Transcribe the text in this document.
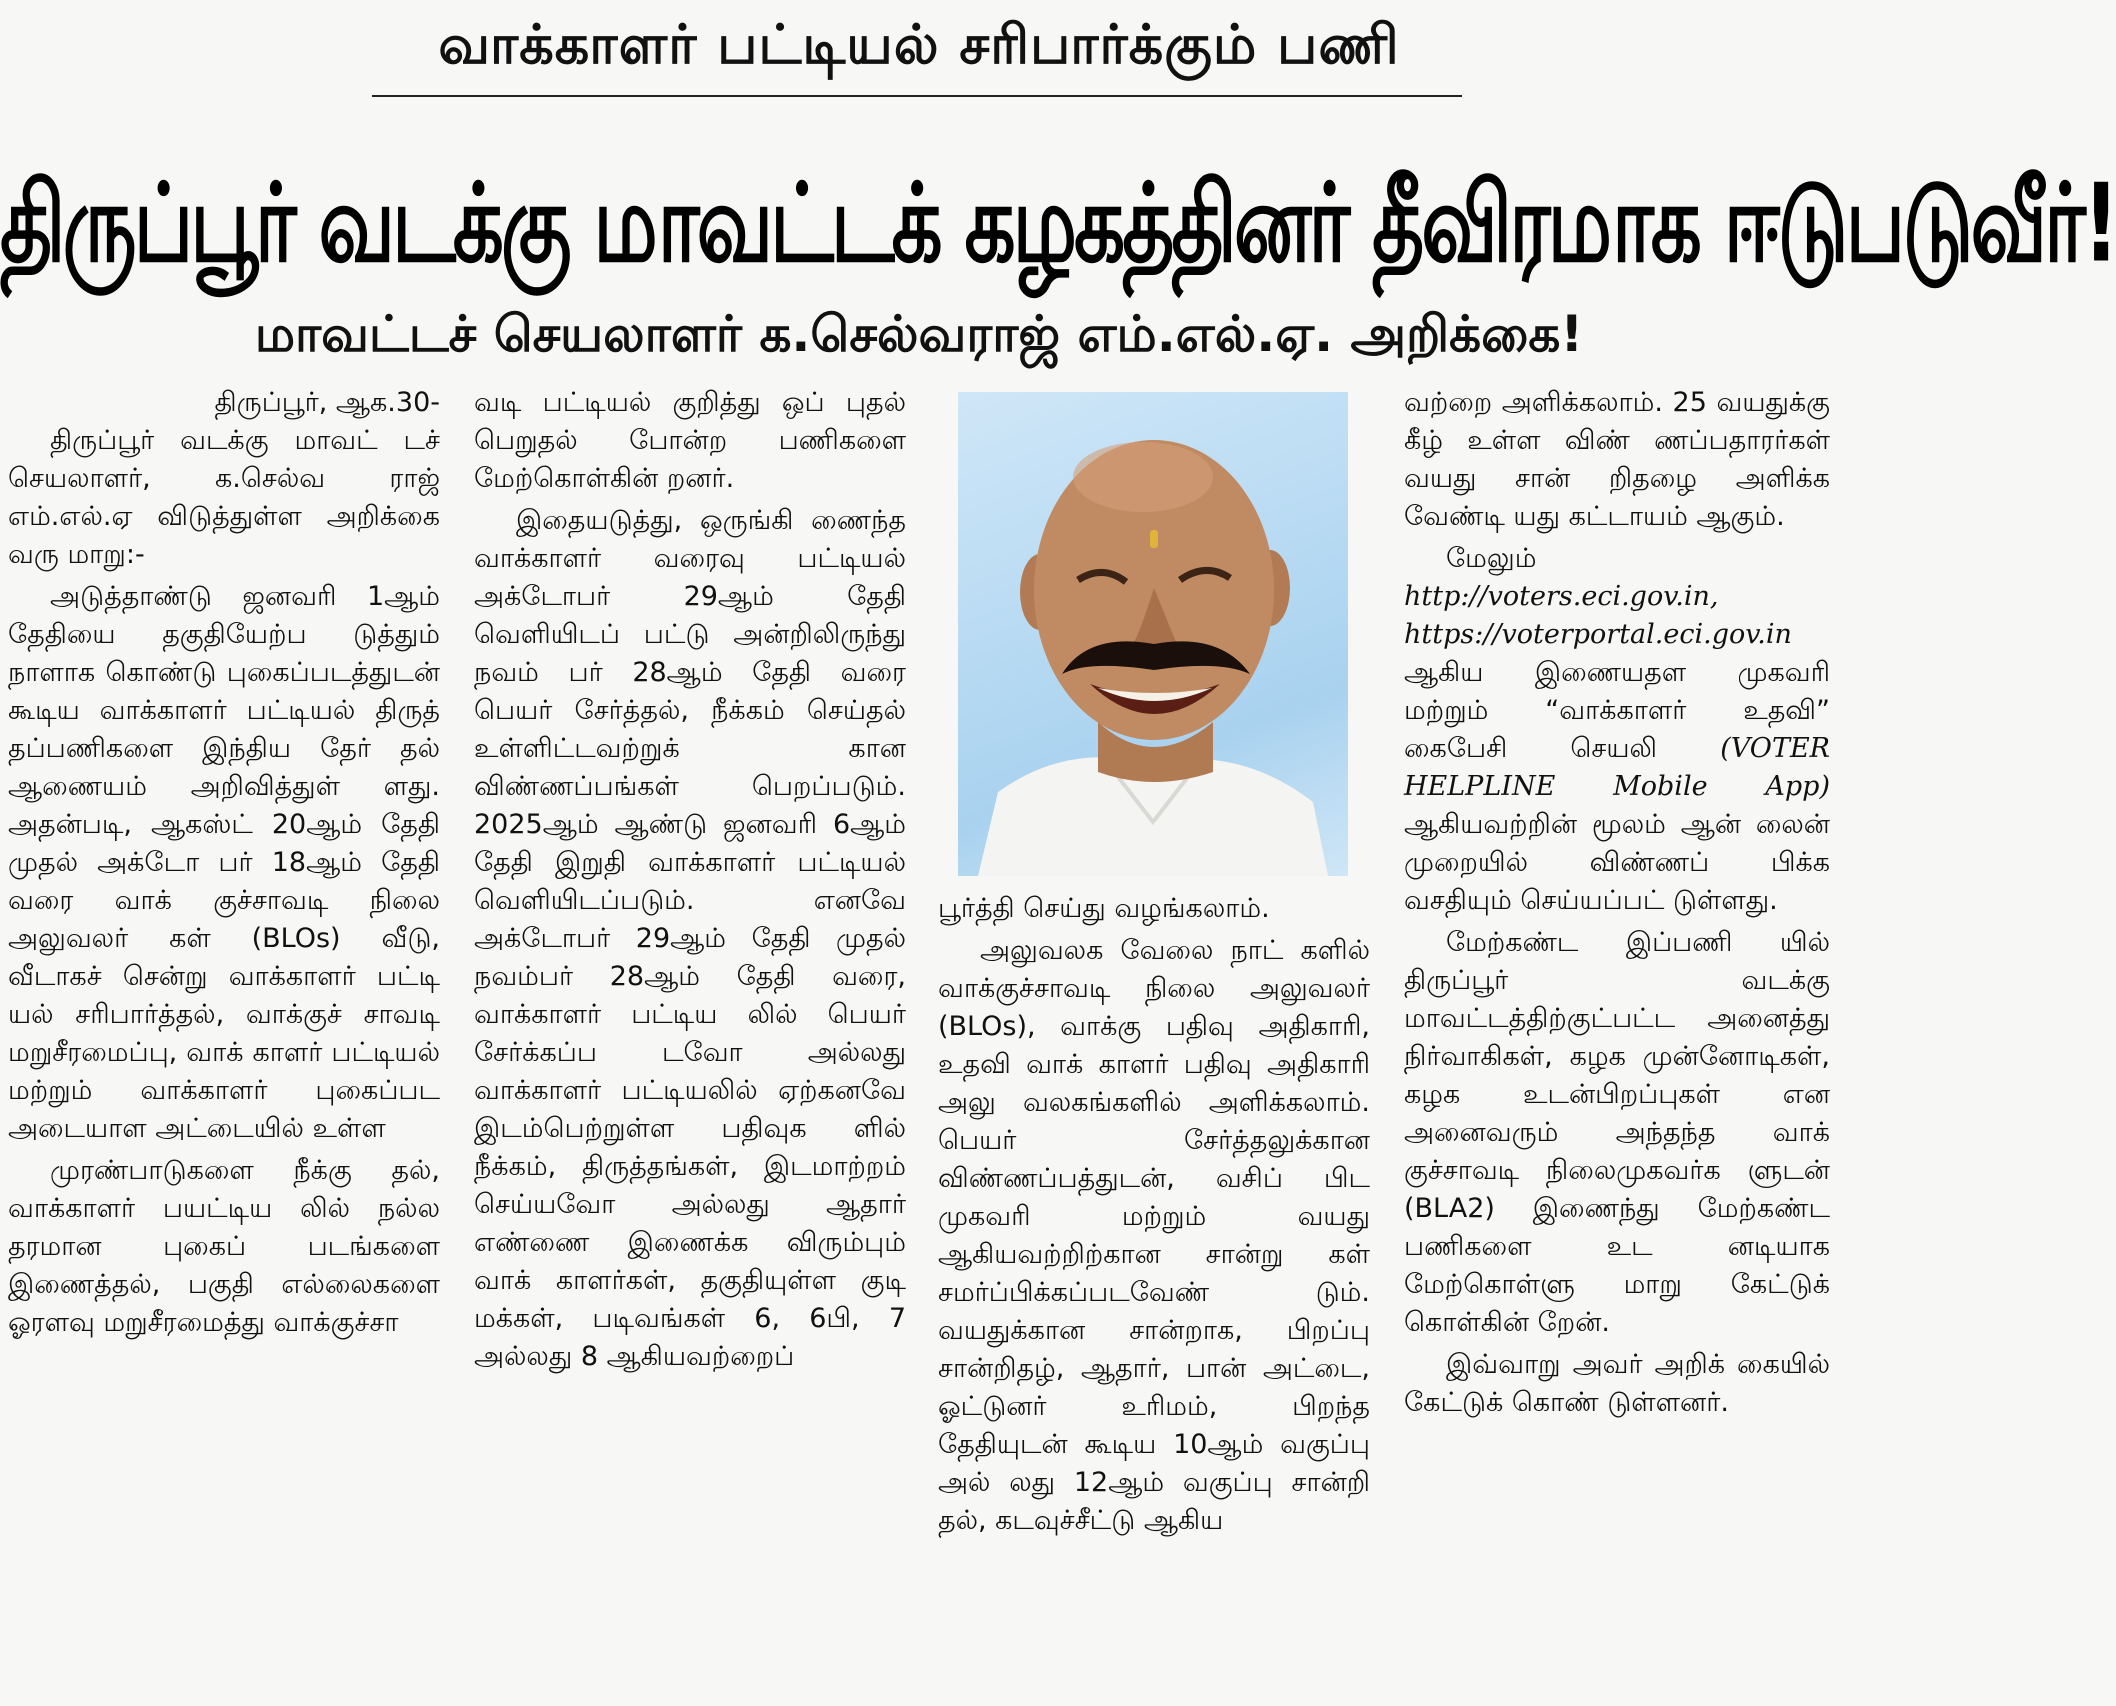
வாக்காளர் பட்டியல் சரிபார்க்கும் பணி
திருப்பூர் வடக்கு மாவட்டக் கழகத்தினர் தீவிரமாக ஈடுபடுவீர்!
மாவட்டச் செயலாளர் க.செல்வராஜ் எம்.எல்.ஏ. அறிக்கை!

திருப்பூர், ஆக.30-

திருப்பூர் வடக்கு மாவட் டச் செயலாளர், க.செல்வ ராஜ் எம்.எல்.ஏ விடுத்துள்ள அறிக்கை வரு மாறு:-

அடுத்தாண்டு ஜனவரி 1ஆம் தேதியை தகுதியேற்ப டுத்தும் நாளாக கொண்டு புகைப்படத்துடன் கூடிய வாக்காளர் பட்டியல் திருத் தப்பணிகளை இந்திய தேர் தல் ஆணையம் அறிவித்துள் ளது. அதன்படி, ஆகஸ்ட் 20ஆம் தேதி முதல் அக்டோ பர் 18ஆம் தேதி வரை வாக் குச்சாவடி நிலை அலுவலர் கள் (BLOs) வீடு, வீடாகச் சென்று வாக்காளர் பட்டி யல் சரிபார்த்தல், வாக்குச் சாவடி மறுசீரமைப்பு, வாக் காளர் பட்டியல் மற்றும் வாக்காளர் புகைப்பட அடையாள அட்டையில் உள்ள

முரண்பாடுகளை நீக்கு தல், வாக்காளர் பயட்டிய லில் நல்ல தரமான புகைப் படங்களை இணைத்தல், பகுதி எல்லைகளை ஓரளவு மறுசீரமைத்து வாக்குச்சா

வடி பட்டியல் குறித்து ஒப் புதல் பெறுதல் போன்ற பணிகளை மேற்கொள்கின் றனர்.

இதையடுத்து, ஒருங்கி ணைந்த வாக்காளர் வரைவு பட்டியல் அக்டோபர் 29ஆம் தேதி வெளியிடப் பட்டு அன்றிலிருந்து நவம் பர் 28ஆம் தேதி வரை பெயர் சேர்த்தல், நீக்கம் செய்தல் உள்ளிட்டவற்றுக் கான விண்ணப்பங்கள் பெறப்படும். 2025ஆம் ஆண்டு ஜனவரி 6ஆம் தேதி இறுதி வாக்காளர் பட்டியல் வெளியிடப்படும். எனவே அக்டோபர் 29ஆம் தேதி முதல் நவம்பர் 28ஆம் தேதி வரை, வாக்காளர் பட்டிய லில் பெயர் சேர்க்கப்ப டவோ அல்லது வாக்காளர் பட்டியலில் ஏற்கனவே இடம்பெற்றுள்ள பதிவுக ளில் நீக்கம், திருத்தங்கள், இடமாற்றம் செய்யவோ அல்லது ஆதார் எண்ணை இணைக்க விரும்பும் வாக் காளர்கள், தகுதியுள்ள குடி மக்கள், படிவங்கள் 6, 6பி, 7 அல்லது 8 ஆகியவற்றைப்

பூர்த்தி செய்து வழங்கலாம்.

அலுவலக வேலை நாட் களில் வாக்குச்சாவடி நிலை அலுவலர் (BLOs), வாக்கு பதிவு அதிகாரி, உதவி வாக் காளர் பதிவு அதிகாரி அலு வலகங்களில் அளிக்கலாம். பெயர் சேர்த்தலுக்கான விண்ணப்பத்துடன், வசிப் பிட முகவரி மற்றும் வயது ஆகியவற்றிற்கான சான்று கள் சமர்ப்பிக்கப்படவேண் டும். வயதுக்கான சான்றாக, பிறப்பு சான்றிதழ், ஆதார், பான் அட்டை, ஓட்டுனர் உரிமம், பிறந்த தேதியுடன் கூடிய 10ஆம் வகுப்பு அல் லது 12ஆம் வகுப்பு சான்றி தல், கடவுச்சீட்டு ஆகிய

வற்றை அளிக்கலாம். 25 வயதுக்கு கீழ் உள்ள விண் ணப்பதாரர்கள் வயது சான் றிதழை அளிக்க வேண்டி யது கட்டாயம் ஆகும்.

மேலும் http://voters.eci.gov.in, https://voterportal.eci.gov.in ஆகிய இணையதள முகவரி மற்றும் “வாக்காளர் உதவி” கைபேசி செயலி (VOTER HELPLINE Mobile App) ஆகியவற்றின் மூலம் ஆன் லைன் முறையில் விண்ணப் பிக்க வசதியும் செய்யப்பட் டுள்ளது.

மேற்கண்ட இப்பணி யில் திருப்பூர் வடக்கு மாவட்டத்திற்குட்பட்ட அனைத்து நிர்வாகிகள், கழக முன்னோடிகள், கழக உடன்பிறப்புகள் என அனைவரும் அந்தந்த வாக் குச்சாவடி நிலைமுகவர்க ளுடன் (BLA2) இணைந்து மேற்கண்ட பணிகளை உட னடியாக மேற்கொள்ளு மாறு கேட்டுக் கொள்கின் றேன்.

இவ்வாறு அவர் அறிக் கையில் கேட்டுக் கொண் டுள்ளனர்.
